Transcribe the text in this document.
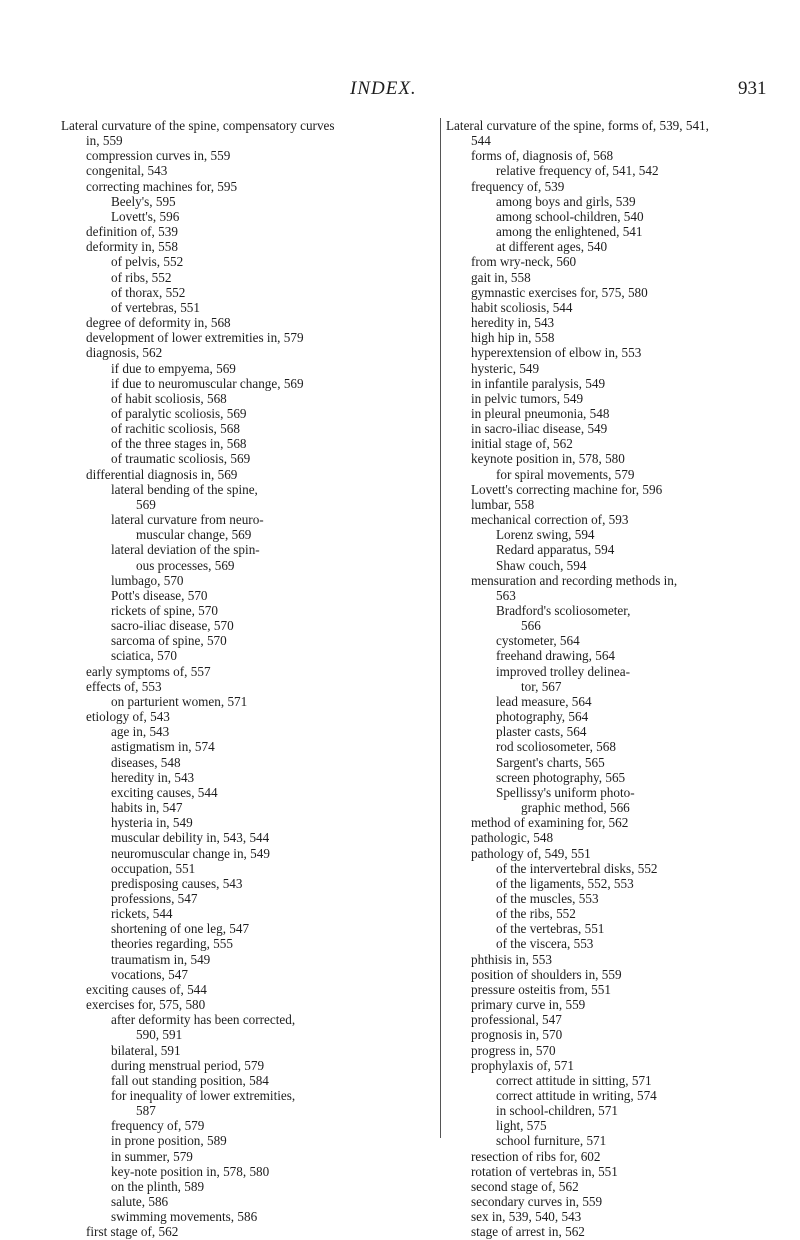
INDEX.	931
Lateral curvature of the spine, compensatory curves
in, 559
compression curves in, 559
congenital, 543
correcting machines for, 595
Beely's, 595
Lovett's, 596
definition of, 539
deformity in, 558
of pelvis, 552
of ribs, 552
of thorax, 552
of vertebras, 551
degree of deformity in, 568
development of lower extremities in, 579
diagnosis, 562
if due to empyema, 569
if due to neuromuscular change, 569
of habit scoliosis, 568
of paralytic scoliosis, 569
of rachitic scoliosis, 568
of the three stages in, 568
of traumatic scoliosis, 569
differential diagnosis in, 569
lateral bending of the spine,
569
lateral curvature from neuro-
muscular change, 569
lateral deviation of the spin-
ous processes, 569
lumbago, 570
Pott's disease, 570
rickets of spine, 570
sacro-iliac disease, 570
sarcoma of spine, 570
sciatica, 570
early symptoms of, 557
effects of, 553
on parturient women, 571
etiology of, 543
age in, 543
astigmatism in, 574
diseases, 548
heredity in, 543
exciting causes, 544
habits in, 547
hysteria in, 549
muscular debility in, 543, 544
neuromuscular change in, 549
occupation, 551
predisposing causes, 543
professions, 547
rickets, 544
shortening of one leg, 547
theories regarding, 555
traumatism in, 549
vocations, 547
exciting causes of, 544
exercises for, 575, 580
after deformity has been corrected,
590, 591
bilateral, 591
during menstrual period, 579
fall out standing position, 584
for inequality of lower extremities,
587
frequency of, 579
in prone position, 589
in summer, 579
key-note position in, 578, 580
on the plinth, 589
salute, 586
swimming movements, 586
first stage of, 562
Lateral curvature of the spine, forms of, 539, 541,
544
forms of, diagnosis of, 568
relative frequency of, 541, 542
frequency of, 539
among boys and girls, 539
among school-children, 540
among the enlightened, 541
at different ages, 540
from wry-neck, 560
gait in, 558
gymnastic exercises for, 575, 580
habit scoliosis, 544
heredity in, 543
high hip in, 558
hyperextension of elbow in, 553
hysteric, 549
in infantile paralysis, 549
in pelvic tumors, 549
in pleural pneumonia, 548
in sacro-iliac disease, 549
initial stage of, 562
keynote position in, 578, 580
for spiral movements, 579
Lovett's correcting machine for, 596
lumbar, 558
mechanical correction of, 593
Lorenz swing, 594
Redard apparatus, 594
Shaw couch, 594
mensuration and recording methods in,
563
Bradford's scoliosometer,
566
cystometer, 564
freehand drawing, 564
improved trolley delinea-
tor, 567
lead measure, 564
photography, 564
plaster casts, 564
rod scoliosometer, 568
Sargent's charts, 565
screen photography, 565
Spellissy's uniform photo-
graphic method, 566
method of examining for, 562
pathologic, 548
pathology of, 549, 551
of the intervertebral disks, 552
of the ligaments, 552, 553
of the muscles, 553
of the ribs, 552
of the vertebras, 551
of the viscera, 553
phthisis in, 553
position of shoulders in, 559
pressure osteitis from, 551
primary curve in, 559
professional, 547
prognosis in, 570
progress in, 570
prophylaxis of, 571
correct attitude in sitting, 571
correct attitude in writing, 574
in school-children, 571
light, 575
school furniture, 571
resection of ribs for, 602
rotation of vertebras in, 551
second stage of, 562
secondary curves in, 559
sex in, 539, 540, 543
stage of arrest in, 562
